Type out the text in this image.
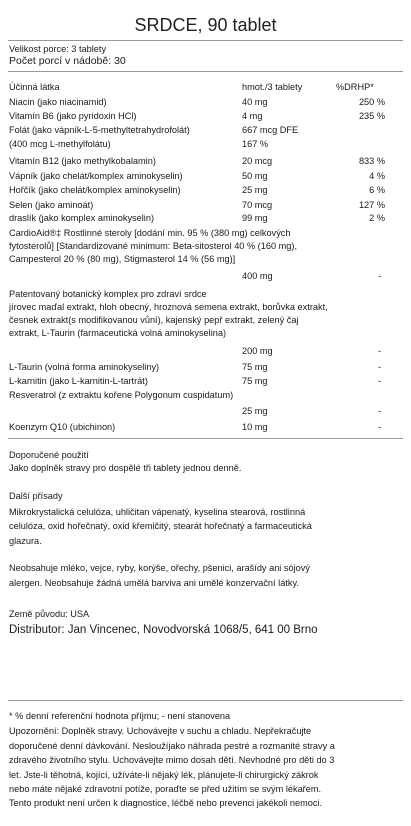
SRDCE, 90 tablet
Velikost porce: 3 tablety
Počet porcí v nádobě: 30
Účinná látka	hmot./3 tablety	%DRHP*
Niacin (jako niacinamid)	40 mg	250 %
Vitamín B6 (jako pyridoxin HCl)	4 mg	235 %
Folát (jako vápník-L-5-methyltetrahydrofolát)	667 mcg DFE
(400 mcg L-methylfolátu)	167 %
Vitamín B12 (jako methylkobalamin)	20 mcg	833 %
Vápník (jako chelát/komplex aminokyselin)	50 mg	4 %
Hořčík (jako chelát/komplex aminokyselin)	25 mg	6 %
Selen (jako aminoát)	70 mcg	127 %
draslík (jako komplex aminokyselin)	99 mg	2 %
CardioAid®‡ Rostlinné steroly [dodání min. 95 % (380 mg) celkových
fytosterolů] [Standardizované minimum: Beta-sitosterol 40 % (160 mg),
Campesterol 20 % (80 mg), Stigmasterol 14 % (56 mg)]
400 mg	-
Patentovaný botanický komplex pro zdraví srdce
jírovec maďal extrakt, hloh obecný, hroznová semena extrakt, borůvka extrakt,
česnek extrakt(s modifikovanou vůní), kajenský pepř extrakt, zelený čaj
extrakt, L-Taurin (farmaceutická volná aminokyselina)
200 mg	-
L-Taurin (volná forma aminokyseliny)	75 mg	-
L-karnitin (jako L-karnitin-L-tartrát)	75 mg	-
Resveratrol (z extraktu kořene Polygonum cuspidatum)
25 mg	-
Koenzym Q10 (ubichinon)	10 mg	-
Doporučené použití
Jako doplněk stravy pro dospělé tři tablety jednou denně.
Další přísady
Mikrokrystalická celulóza, uhličitan vápenatý, kyselina stearová, rostlinná
celulóza, oxid hořečnatý, oxid křemičitý, stearát hořečnatý a farmaceutická
glazura.
Neobsahuje mléko, vejce, ryby, korýše, ořechy, pšenici, arašídy ani sójový
alergen. Neobsahuje žádná umělá barviva ani umělé konzervační látky.
Země původu: USA
Distributor: Jan Vincenec, Novodvorská 1068/5, 641 00 Brno
* % denní referenční hodnota příjmu; - není stanovena
Upozornění: Doplněk stravy. Uchovávejte v suchu a chladu. Nepřekračujte
doporučené denní dávkování. Nesloužíjako náhrada pestré a rozmanité stravy a
zdravého životního stylu. Uchovávejte mimo dosah dětí. Nevhodné pro děti do 3
let. Jste-li těhotná, kojící, užíváte-li nějaký lék, plánujete-li chirurgický zákrok
nebo máte nějaké zdravotní potíže, poraďte se před užitím se svým lékařem.
Tento produkt není určen k diagnostice, léčbě nebo prevenci jakékoli nemoci.
